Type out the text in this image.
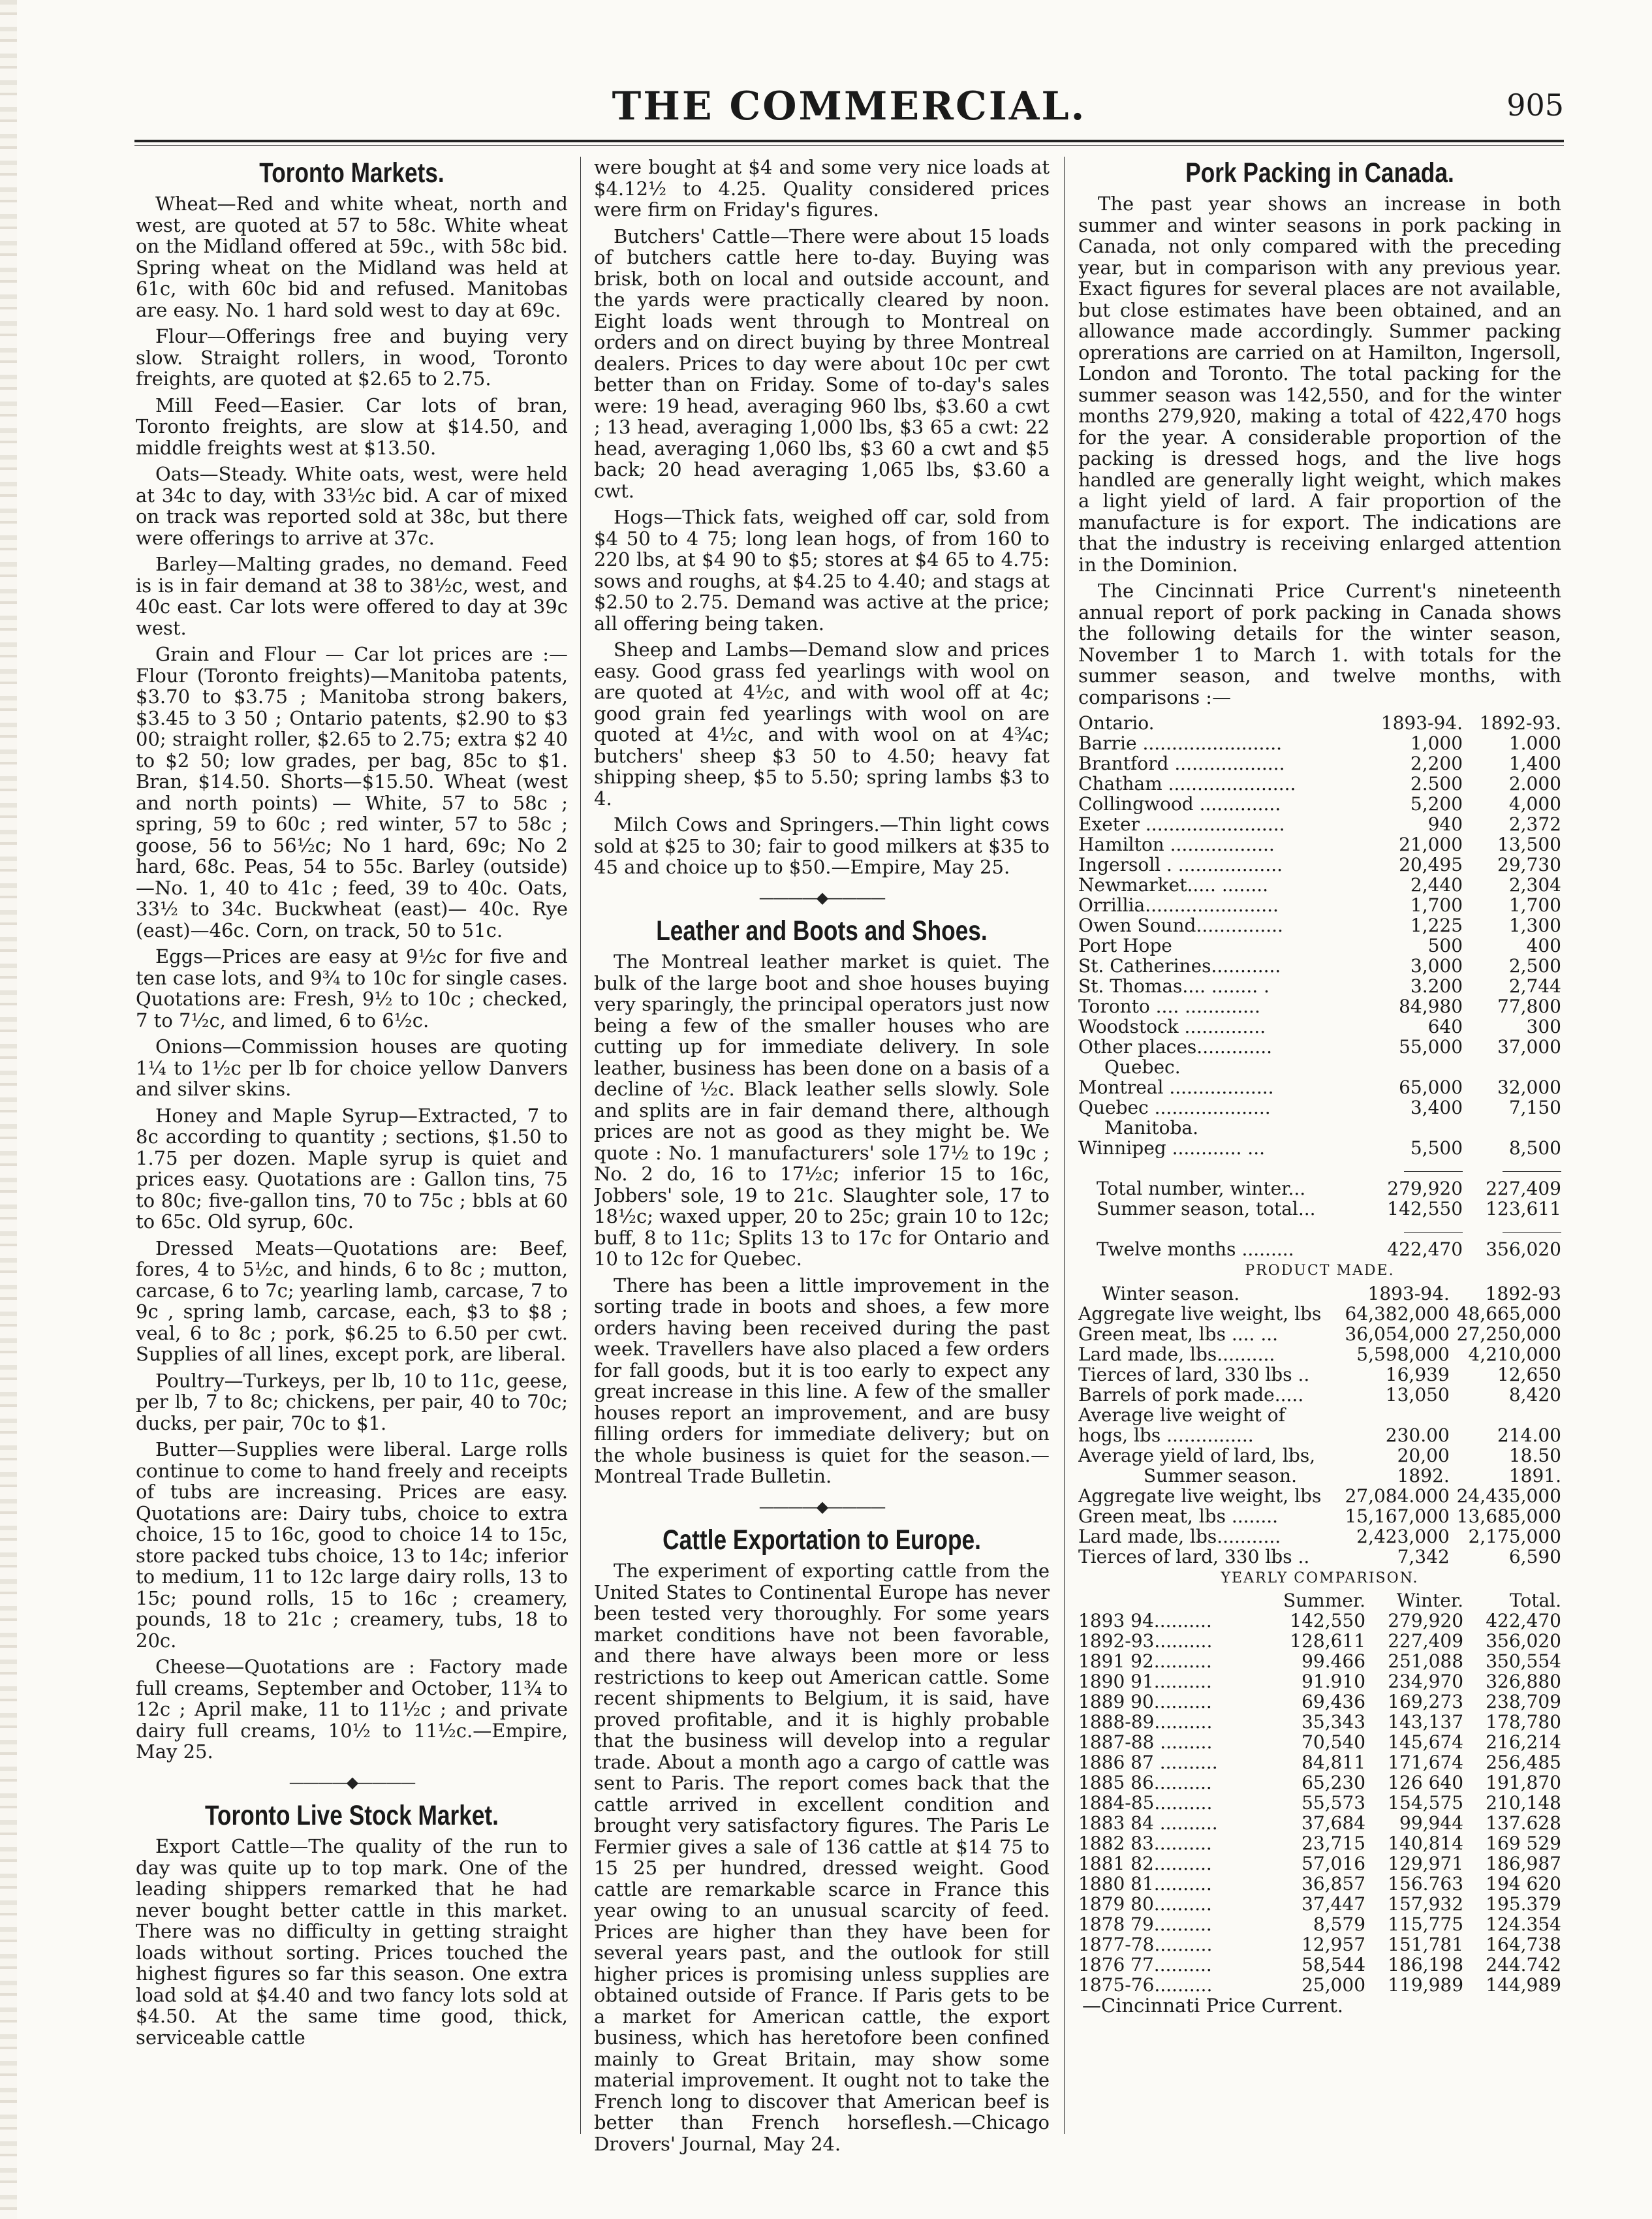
THE COMMERCIAL.	905
Toronto Markets.

Wheat—Red and white wheat, north and west, are quoted at 57 to 58c. White wheat on the Midland offered at 59c., with 58c bid. Spring wheat on the Midland was held at 61c, with 60c bid and refused. Manitobas are easy. No. 1 hard sold west to day at 69c.

Flour—Offerings free and buying very slow. Straight rollers, in wood, Toronto freights, are quoted at $2.65 to 2.75.

Mill Feed—Easier. Car lots of bran, Toronto freights, are slow at $14.50, and middle freights west at $13.50.

Oats—Steady. White oats, west, were held at 34c to day, with 33½c bid. A car of mixed on track was reported sold at 38c, but there were offerings to arrive at 37c.

Barley—Malting grades, no demand. Feed is is in fair demand at 38 to 38½c, west, and 40c east. Car lots were offered to day at 39c west.

Grain and Flour — Car lot prices are :— Flour (Toronto freights)—Manitoba patents, $3.70 to $3.75 ; Manitoba strong bakers, $3.45 to 3 50 ; Ontario patents, $2.90 to $3 00; straight roller, $2.65 to 2.75; extra $2 40 to $2 50; low grades, per bag, 85c to $1. Bran, $14.50. Shorts—$15.50. Wheat (west and north points) — White, 57 to 58c ; spring, 59 to 60c ; red winter, 57 to 58c ; goose, 56 to 56½c; No 1 hard, 69c; No 2 hard, 68c. Peas, 54 to 55c. Barley (outside)—No. 1, 40 to 41c ; feed, 39 to 40c. Oats, 33½ to 34c. Buckwheat (east)— 40c. Rye (east)—46c. Corn, on track, 50 to 51c.

Eggs—Prices are easy at 9½c for five and ten case lots, and 9¾ to 10c for single cases. Quotations are: Fresh, 9½ to 10c ; checked, 7 to 7½c, and limed, 6 to 6½c.

Onions—Commission houses are quoting 1¼ to 1½c per lb for choice yellow Danvers and silver skins.

Honey and Maple Syrup—Extracted, 7 to 8c according to quantity ; sections, $1.50 to 1.75 per dozen. Maple syrup is quiet and prices easy. Quotations are : Gallon tins, 75 to 80c; five-gallon tins, 70 to 75c ; bbls at 60 to 65c. Old syrup, 60c.

Dressed Meats—Quotations are: Beef, fores, 4 to 5½c, and hinds, 6 to 8c ; mutton, carcase, 6 to 7c; yearling lamb, carcase, 7 to 9c , spring lamb, carcase, each, $3 to $8 ; veal, 6 to 8c ; pork, $6.25 to 6.50 per cwt. Supplies of all lines, except pork, are liberal.

Poultry—Turkeys, per lb, 10 to 11c, geese, per lb, 7 to 8c; chickens, per pair, 40 to 70c; ducks, per pair, 70c to $1.

Butter—Supplies were liberal. Large rolls continue to come to hand freely and receipts of tubs are increasing. Prices are easy. Quotations are: Dairy tubs, choice to extra choice, 15 to 16c, good to choice 14 to 15c, store packed tubs choice, 13 to 14c; inferior to medium, 11 to 12c large dairy rolls, 13 to 15c; pound rolls, 15 to 16c ; creamery, pounds, 18 to 21c ; creamery, tubs, 18 to 20c.

Cheese—Quotations are : Factory made full creams, September and October, 11¾ to 12c ; April make, 11 to 11½c ; and private dairy full creams, 10½ to 11½c.—Empire, May 25.

————◆————
Toronto Live Stock Market.

Export Cattle—The quality of the run to day was quite up to top mark. One of the leading shippers remarked that he had never bought better cattle in this market. There was no difficulty in getting straight loads without sorting. Prices touched the highest figures so far this season. One extra load sold at $4.40 and two fancy lots sold at $4.50. At the same time good, thick, serviceable cattle

were bought at $4 and some very nice loads at $4.12½ to 4.25. Quality considered prices were firm on Friday's figures.

Butchers' Cattle—There were about 15 loads of butchers cattle here to-day. Buying was brisk, both on local and outside account, and the yards were practically cleared by noon. Eight loads went through to Montreal on orders and on direct buying by three Montreal dealers. Prices to day were about 10c per cwt better than on Friday. Some of to-day's sales were: 19 head, averaging 960 lbs, $3.60 a cwt ; 13 head, averaging 1,000 lbs, $3 65 a cwt: 22 head, averaging 1,060 lbs, $3 60 a cwt and $5 back; 20 head averaging 1,065 lbs, $3.60 a cwt.

Hogs—Thick fats, weighed off car, sold from $4 50 to 4 75; long lean hogs, of from 160 to 220 lbs, at $4 90 to $5; stores at $4 65 to 4.75: sows and roughs, at $4.25 to 4.40; and stags at $2.50 to 2.75. Demand was active at the price; all offering being taken.

Sheep and Lambs—Demand slow and prices easy. Good grass fed yearlings with wool on are quoted at 4½c, and with wool off at 4c; good grain fed yearlings with wool on are quoted at 4½c, and with wool on at 4¾c; butchers' sheep $3 50 to 4.50; heavy fat shipping sheep, $5 to 5.50; spring lambs $3 to 4.

Milch Cows and Springers.—Thin light cows sold at $25 to 30; fair to good milkers at $35 to 45 and choice up to $50.—Empire, May 25.

————◆————
Leather and Boots and Shoes.

The Montreal leather market is quiet. The bulk of the large boot and shoe houses buying very sparingly, the principal operators just now being a few of the smaller houses who are cutting up for immediate delivery. In sole leather, business has been done on a basis of a decline of ½c. Black leather sells slowly. Sole and splits are in fair demand there, although prices are not as good as they might be. We quote : No. 1 manufacturers' sole 17½ to 19c ; No. 2 do, 16 to 17½c; inferior 15 to 16c, Jobbers' sole, 19 to 21c. Slaughter sole, 17 to 18½c; waxed upper, 20 to 25c; grain 10 to 12c; buff, 8 to 11c; Splits 13 to 17c for Ontario and 10 to 12c for Quebec.

There has been a little improvement in the sorting trade in boots and shoes, a few more orders having been received during the past week. Travellers have also placed a few orders for fall goods, but it is too early to expect any great increase in this line. A few of the smaller houses report an improvement, and are busy filling orders for immediate delivery; but on the whole business is quiet for the season.—Montreal Trade Bulletin.

————◆————
Cattle Exportation to Europe.

The experiment of exporting cattle from the United States to Continental Europe has never been tested very thoroughly. For some years market conditions have not been favorable, and there have always been more or less restrictions to keep out American cattle. Some recent shipments to Belgium, it is said, have proved profitable, and it is highly probable that the business will develop into a regular trade. About a month ago a cargo of cattle was sent to Paris. The report comes back that the cattle arrived in excellent condition and brought very satisfactory figures. The Paris Le Fermier gives a sale of 136 cattle at $14 75 to 15 25 per hundred, dressed weight. Good cattle are remarkable scarce in France this year owing to an unusual scarcity of feed. Prices are higher than they have been for several years past, and the outlook for still higher prices is promising unless supplies are obtained outside of France. If Paris gets to be a market for American cattle, the export business, which has heretofore been confined mainly to Great Britain, may show some material improvement. It ought not to take the French long to discover that American beef is better than French horseflesh.—Chicago Drovers' Journal, May 24.

Pork Packing in Canada.

The past year shows an increase in both summer and winter seasons in pork packing in Canada, not only compared with the preceding year, but in comparison with any previous year. Exact figures for several places are not available, but close estimates have been obtained, and an allowance made accordingly. Summer packing oprerations are carried on at Hamilton, Ingersoll, London and Toronto. The total packing for the summer season was 142,550, and for the winter months 279,920, making a total of 422,470 hogs for the year. A considerable proportion of the packing is dressed hogs, and the live hogs handled are generally light weight, which makes a light yield of lard. A fair proportion of the manufacture is for export. The indications are that the industry is receiving enlarged attention in the Dominion.

The Cincinnati Price Current's nineteenth annual report of pork packing in Canada shows the following details for the winter season, November 1 to March 1. with totals for the summer season, and twelve months, with comparisons :—

Ontario.	1893-94.	1892-93.
Barrie ........................	1,000	1.000
Brantford ...................	2,200	1,400
Chatham ......................	2.500	2.000
Collingwood ..............	5,200	4,000
Exeter ........................	940	2,372
Hamilton ..................	21,000	13,500
Ingersoll . ..................	20,495	29,730
Newmarket..... ........	2,440	2,304
Orrillia.......................	1,700	1,700
Owen Sound...............	1,225	1,300
Port Hope	500	400
St. Catherines............	3,000	2,500
St. Thomas.... ........ .	3.200	2,744
Toronto .... .............	84,980	77,800
Woodstock ..............	640	300
Other places.............	55,000	37,000
Quebec.		
Montreal ..................	65,000	32,000
Quebec ....................	3,400	7,150
Manitoba.		
Winnipeg ............ ...	5,500	8,500

Total number, winter...	279,920	227,409
Summer season, total...	142,550	123,611

Twelve months .........	422,470	356,020
PRODUCT MADE.
Winter season.	1893-94.	1892-93
Aggregate live weight, lbs	64,382,000	48,665,000
Green meat, lbs .... ...	36,054,000	27,250,000
Lard made, lbs..........	5,598,000	4,210,000
Tierces of lard, 330 lbs ..	16,939	12,650
Barrels of pork made.....	13,050	8,420
Average live weight of		
hogs, lbs ...............	230.00	214.00
Average yield of lard, lbs,	20,00	18.50
Summer season.	1892.	1891.
Aggregate live weight, lbs	27,084.000	24,435,000
Green meat, lbs ........	15,167,000	13,685,000
Lard made, lbs...........	2,423,000	2,175,000
Tierces of lard, 330 lbs ..	7,342	6,590
YEARLY COMPARISON.
	Summer.	Winter.	Total.
1893 94..........	142,550	279,920	422,470
1892-93..........	128,611	227,409	356,020
1891 92..........	99.466	251,088	350,554
1890 91..........	91.910	234,970	326,880
1889 90..........	69,436	169,273	238,709
1888-89..........	35,343	143,137	178,780
1887-88 .........	70,540	145,674	216,214
1886 87 ..........	84,811	171,674	256,485
1885 86..........	65,230	126 640	191,870
1884-85..........	55,573	154,575	210,148
1883 84 ..........	37,684	99,944	137.628
1882 83..........	23,715	140,814	169 529
1881 82..........	57,016	129,971	186,987
1880 81..........	36,857	156.763	194 620
1879 80..........	37,447	157,932	195.379
1878 79..........	8,579	115,775	124.354
1877-78..........	12,957	151,781	164,738
1876 77..........	58,544	186,198	244.742
1875-76..........	25,000	119,989	144,989
—Cincinnati Price Current.
